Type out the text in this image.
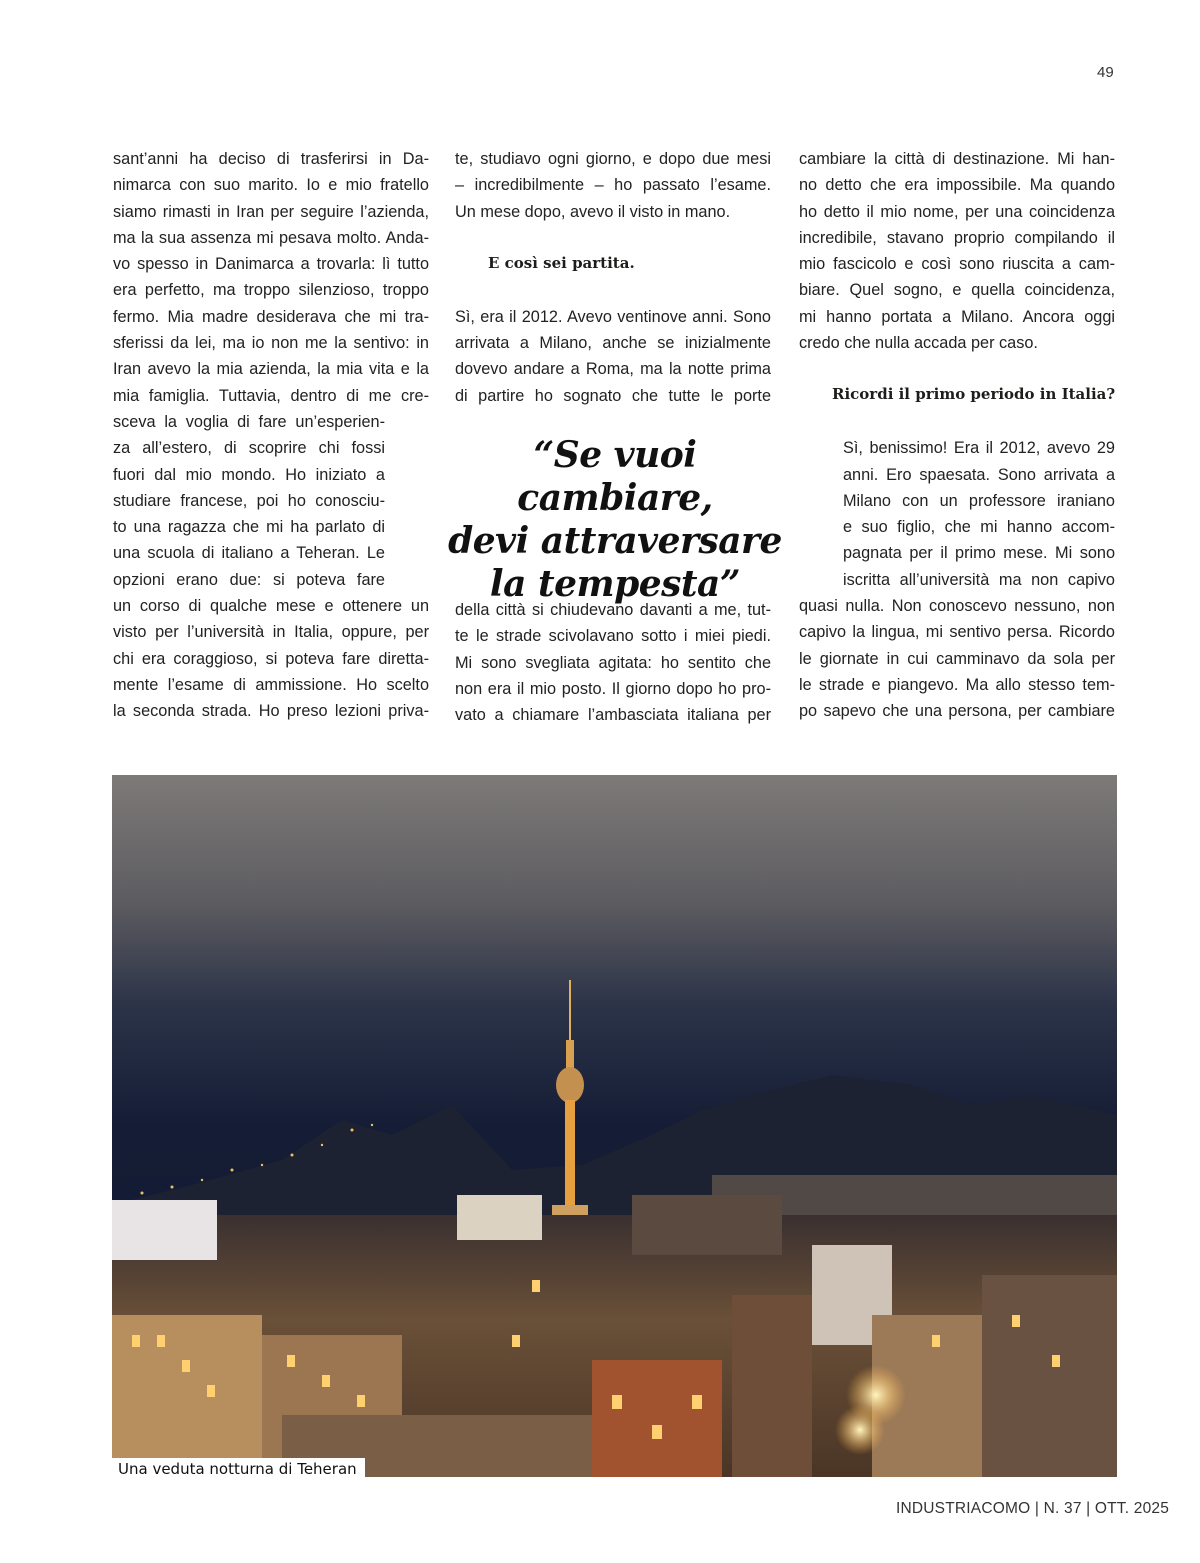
49
sant’anni ha deciso di trasferirsi in Da-
nimarca con suo marito. Io e mio fratello
siamo rimasti in Iran per seguire l’azienda,
ma la sua assenza mi pesava molto. Anda-
vo spesso in Danimarca a trovarla: lì tutto
era perfetto, ma troppo silenzioso, troppo
fermo. Mia madre desiderava che mi tra-
sferissi da lei, ma io non me la sentivo: in
Iran avevo la mia azienda, la mia vita e la
mia famiglia. Tuttavia, dentro di me cre-
sceva la voglia di fare un’esperien-
za all’estero, di scoprire chi fossi
fuori dal mio mondo. Ho iniziato a
studiare francese, poi ho conosciu-
to una ragazza che mi ha parlato di
una scuola di italiano a Teheran. Le
opzioni erano due: si poteva fare
un corso di qualche mese e ottenere un
visto per l’università in Italia, oppure, per
chi era coraggioso, si poteva fare diretta-
mente l’esame di ammissione. Ho scelto
la seconda strada. Ho preso lezioni priva-
te, studiavo ogni giorno, e dopo due mesi
– incredibilmente – ho passato l’esame.
Un mese dopo, avevo il visto in mano.
Sì, era il 2012. Avevo ventinove anni. Sono
arrivata a Milano, anche se inizialmente
dovevo andare a Roma, ma la notte prima
di partire ho sognato che tutte le porte
E così sei partita.
“Se vuoi cambiare,
devi attraversare
la tempesta”
della città si chiudevano davanti a me, tut-
te le strade scivolavano sotto i miei piedi.
Mi sono svegliata agitata: ho sentito che
non era il mio posto. Il giorno dopo ho pro-
vato a chiamare l’ambasciata italiana per
cambiare la città di destinazione. Mi han-
no detto che era impossibile. Ma quando
ho detto il mio nome, per una coincidenza
incredibile, stavano proprio compilando il
mio fascicolo e così sono riuscita a cam-
biare. Quel sogno, e quella coincidenza,
mi hanno portata a Milano. Ancora oggi
credo che nulla accada per caso.
Sì, benissimo! Era il 2012, avevo 29
anni. Ero spaesata. Sono arrivata a
Milano con un professore iraniano
e suo figlio, che mi hanno accom-
pagnata per il primo mese. Mi sono
iscritta all’università ma non capivo
quasi nulla. Non conoscevo nessuno, non
capivo la lingua, mi sentivo persa. Ricordo
le giornate in cui camminavo da sola per
le strade e piangevo. Ma allo stesso tem-
po sapevo che una persona, per cambiare
Ricordi il primo periodo in Italia?
Una veduta notturna di Teheran
INDUSTRIACOMO | N. 37 | OTT. 2025
